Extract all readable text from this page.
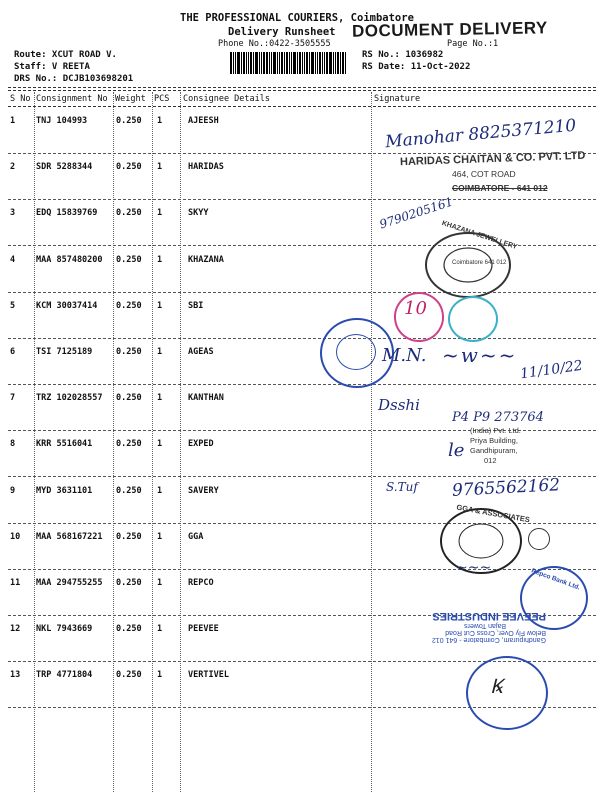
THE PROFESSIONAL COURIERS, Coimbatore
Delivery Runsheet
Phone No.:0422-3505555	Page No.:1
DOCUMENT DELIVERY
Route: XCUT ROAD V.
Staff: V REETA
DRS No.: DCJB103698201
RS No.: 1036982
RS Date: 11-Oct-2022
S No Consignment No Weight PCS Consignee Details	Signature
1 TNJ 104993	0.250 1	AJEESH
2 SDR 5288344	0.250 1	HARIDAS
3 EDQ 15839769 0.250 1	SKYY
4 MAA 857480200 0.250 1	KHAZANA
5 KCM 30037414 0.250 1	SBI
6 TSI 7125189	0.250 1	AGEAS
7 TRZ 102028557 0.250 1	KANTHAN
8 KRR 5516041	0.250 1	EXPED
9 MYD 3631101	0.250 1	SAVERY
10 MAA 568167221 0.250 1	GGA
11 MAA 294755255 0.250 1	REPCO
12 NKL 7943669	0.250 1	PEEVEE
13 TRP 4771804	0.250 1	VERTIVEL
Manohar 8825371210
HARIDAS CHAITAN & CO. PVT. LTD
464, COT ROAD
COIMBATORE - 641 012
9790205161
KHAZANA JEWELLERY
Coimbatore 641 012
10
M.N. ~w~~
11/10/22
Dsshi
P4 P9 273764
(India) Pvt. Ltd.
Priya Building,
Gandhipuram,
012
le
S.Tuf 9765562162
GGA & ASSOCIATES
Repco Bank Ltd.
~~~
Gandhipuram, Coimbatore - 641 012
Below Fly Over, Cross Cut Road
Bajan Towers
PEEVEE INDUSTRIES
Ꝃ
